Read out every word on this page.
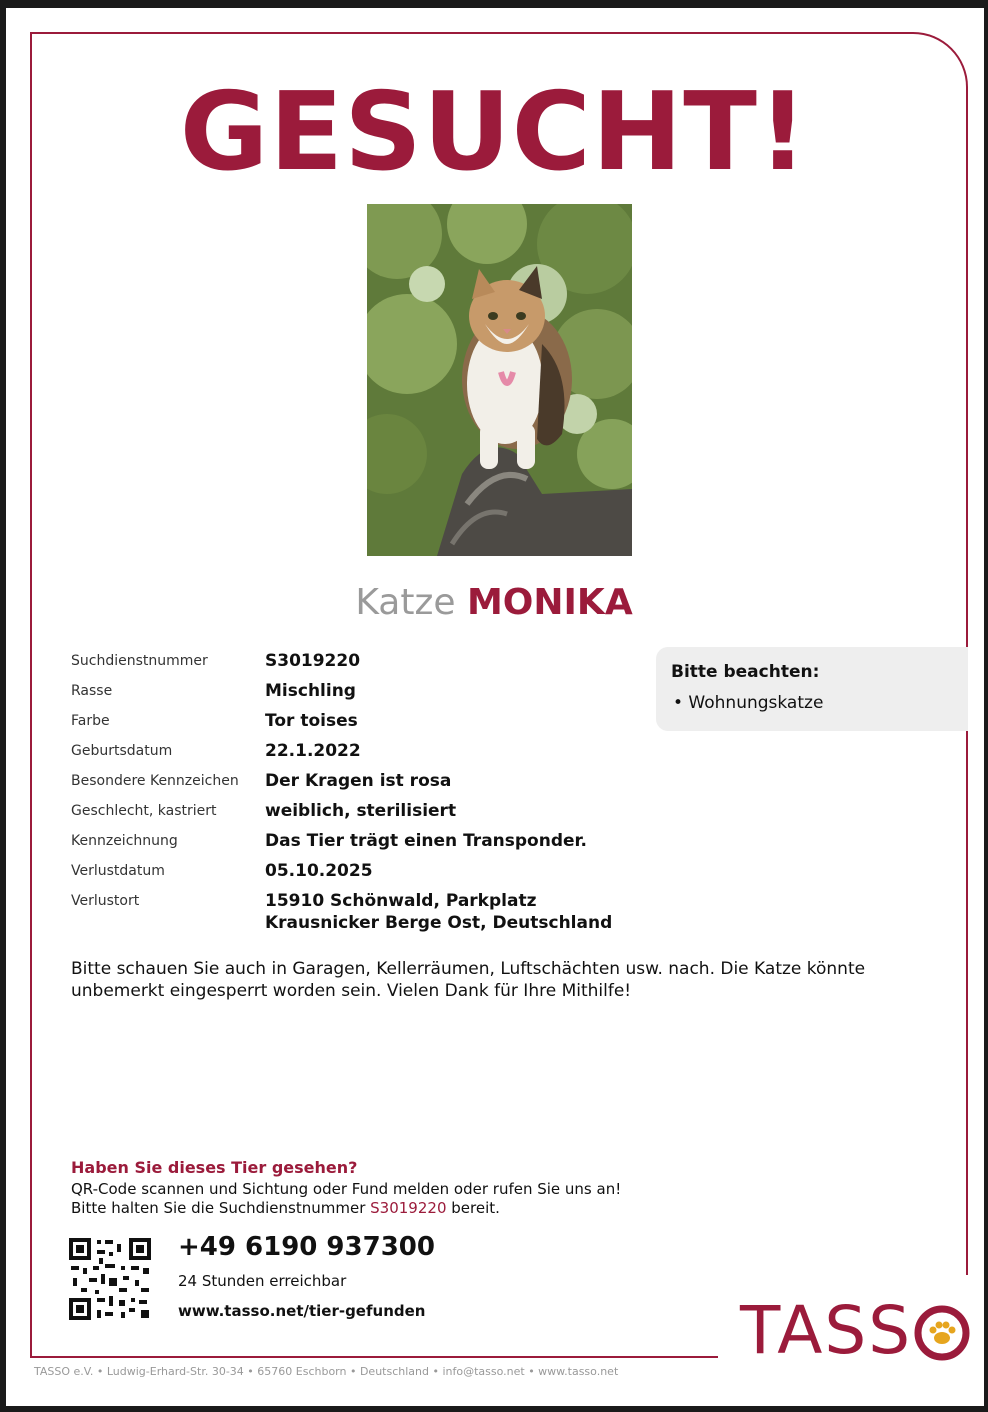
GESUCHT!
Katze MONIKA
Suchdienstnummer	S3019220
Rasse	Mischling
Farbe	Tor toises
Geburtsdatum	22.1.2022
Besondere Kennzeichen	Der Kragen ist rosa
Geschlecht, kastriert	weiblich, sterilisiert
Kennzeichnung	Das Tier trägt einen Transponder.
Verlustdatum	05.10.2025
Verlustort	15910 Schönwald, Parkplatz
Krausnicker Berge Ost, Deutschland
Bitte beachten:
• Wohnungskatze
Bitte schauen Sie auch in Garagen, Kellerräumen, Luftschächten usw. nach. Die Katze könnte unbemerkt eingesperrt worden sein. Vielen Dank für Ihre Mithilfe!
Haben Sie dieses Tier gesehen?
QR-Code scannen und Sichtung oder Fund melden oder rufen Sie uns an!
Bitte halten Sie die Suchdienstnummer S3019220 bereit.
+49 6190 937300
24 Stunden erreichbar
www.tasso.net/tier-gefunden	TASS
TASSO e.V. • Ludwig-Erhard-Str. 30-34 • 65760 Eschborn • Deutschland • info@tasso.net • www.tasso.net
